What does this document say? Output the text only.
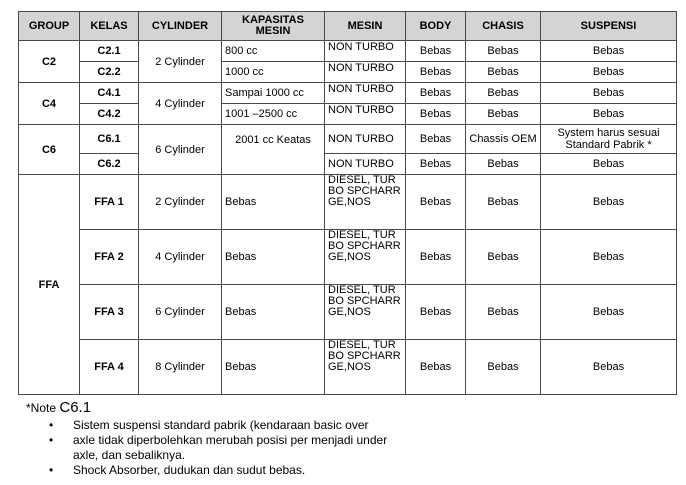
GROUP	KELAS	CYLINDER	KAPASITAS MESIN	MESIN	BODY	CHASIS	SUSPENSI
C2	C2.1	2 Cylinder	800 cc	NON TURBO	Bebas	Bebas	Bebas
	C2.2		1000 cc	NON TURBO	Bebas	Bebas	Bebas
C4	C4.1	4 Cylinder	Sampai 1000 cc	NON TURBO	Bebas	Bebas	Bebas
	C4.2		1001 –2500 cc	NON TURBO	Bebas	Bebas	Bebas
C6	C6.1	6 Cylinder	2001 cc Keatas	NON TURBO	Bebas	Chassis OEM	System harus sesuai Standard Pabrik *
	C6.2			NON TURBO	Bebas	Bebas	Bebas
FFA	FFA 1	2 Cylinder	Bebas	DIESEL, TURBO SPCHARRGE,NOS	Bebas	Bebas	Bebas
	FFA 2	4 Cylinder	Bebas	DIESEL, TURBO SPCHARRGE,NOS	Bebas	Bebas	Bebas
	FFA 3	6 Cylinder	Bebas	DIESEL, TURBO SPCHARRGE,NOS	Bebas	Bebas	Bebas
	FFA 4	8 Cylinder	Bebas	DIESEL, TURBO SPCHARRGE,NOS	Bebas	Bebas	Bebas
*Note C6.1
• Sistem suspensi standard pabrik (kendaraan basic over
• axle tidak diperbolehkan merubah posisi per menjadi under axle, dan sebaliknya.
• Shock Absorber, dudukan dan sudut bebas.
